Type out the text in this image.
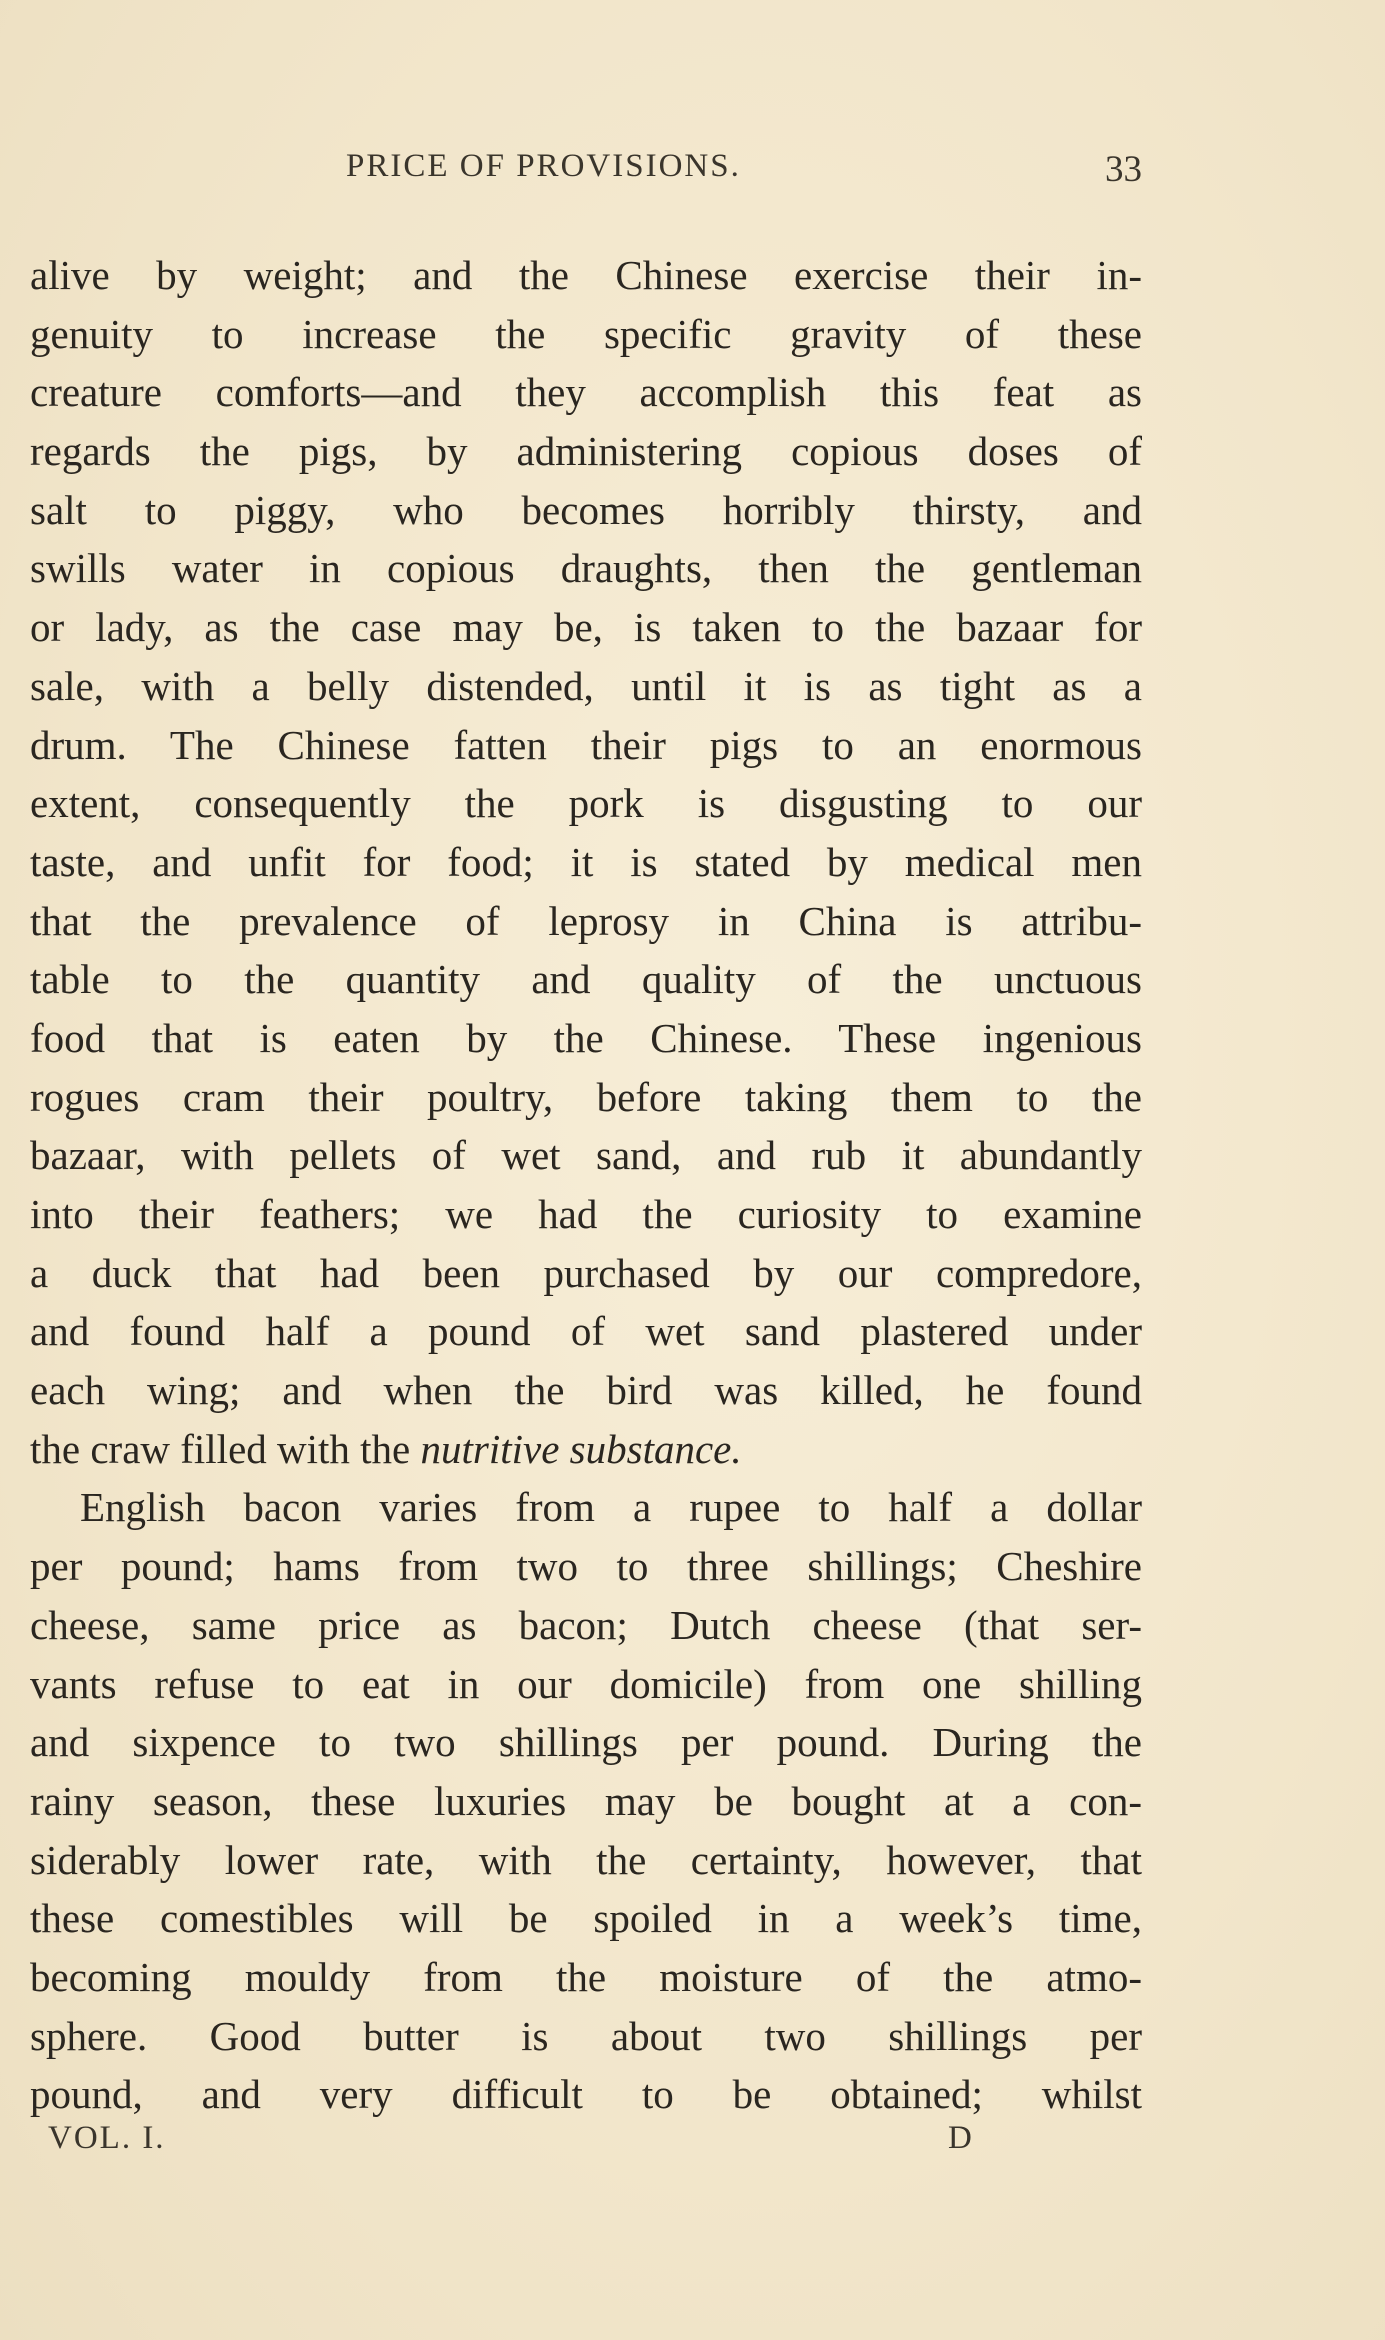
PRICE OF PROVISIONS.	33
alive by weight; and the Chinese exercise their in-
genuity to increase the specific gravity of these
creature comforts—and they accomplish this feat as
regards the pigs, by administering copious doses of
salt to piggy, who becomes horribly thirsty, and
swills water in copious draughts, then the gentleman
or lady, as the case may be, is taken to the bazaar for
sale, with a belly distended, until it is as tight as a
drum. The Chinese fatten their pigs to an enormous
extent, consequently the pork is disgusting to our
taste, and unfit for food; it is stated by medical men
that the prevalence of leprosy in China is attribu-
table to the quantity and quality of the unctuous
food that is eaten by the Chinese. These ingenious
rogues cram their poultry, before taking them to the
bazaar, with pellets of wet sand, and rub it abundantly
into their feathers; we had the curiosity to examine
a duck that had been purchased by our compredore,
and found half a pound of wet sand plastered under
each wing; and when the bird was killed, he found
the craw filled with the nutritive substance.
English bacon varies from a rupee to half a dollar
per pound; hams from two to three shillings; Cheshire
cheese, same price as bacon; Dutch cheese (that ser-
vants refuse to eat in our domicile) from one shilling
and sixpence to two shillings per pound. During the
rainy season, these luxuries may be bought at a con-
siderably lower rate, with the certainty, however, that
these comestibles will be spoiled in a week’s time,
becoming mouldy from the moisture of the atmo-
sphere. Good butter is about two shillings per
pound, and very difficult to be obtained; whilst
VOL. I.	D
